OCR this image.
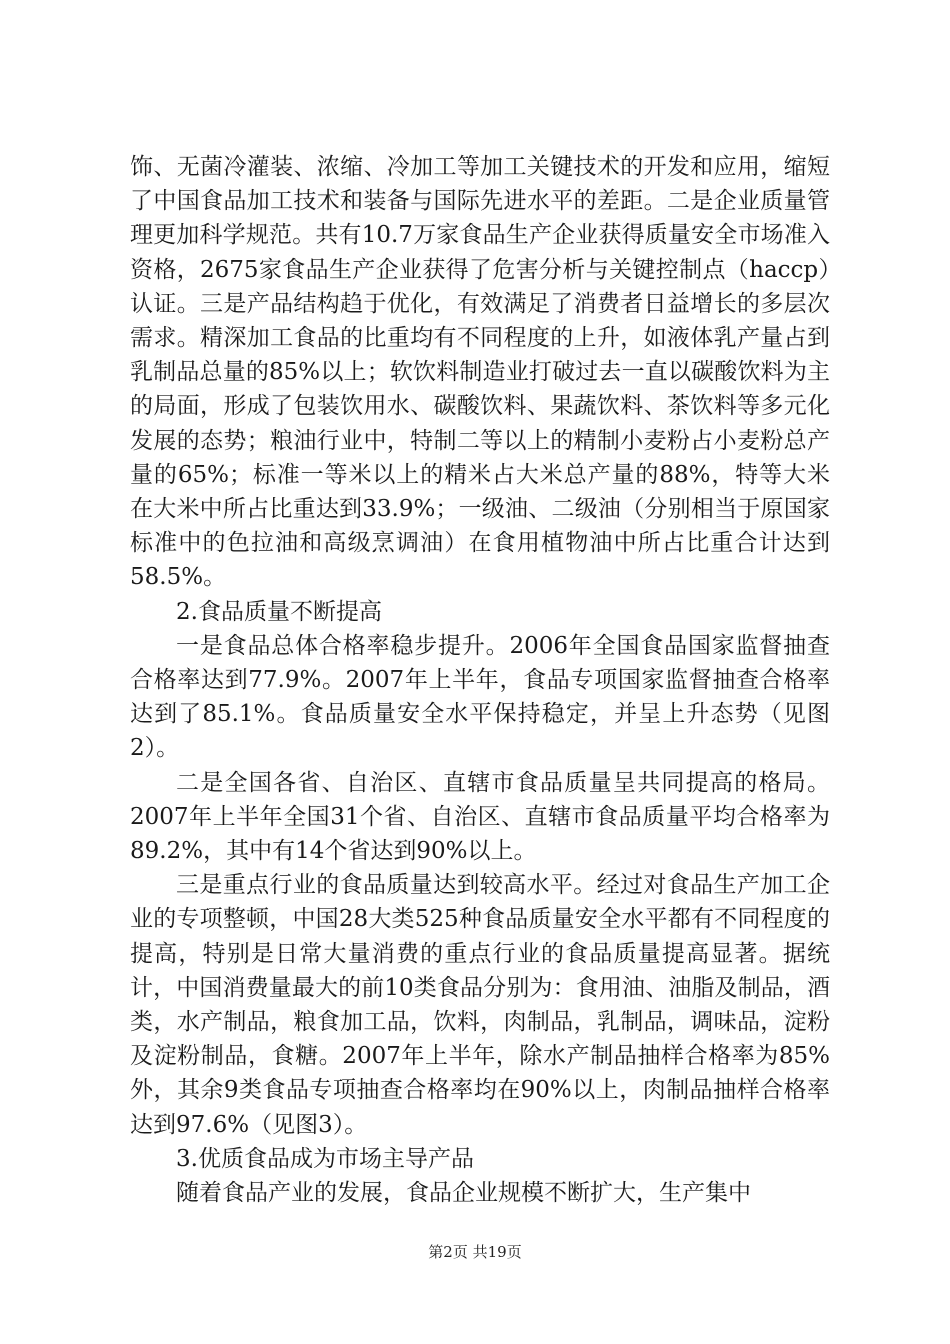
饰、无菌冷灌装、浓缩、冷加工等加工关键技术的开发和应用，缩短了中国食品加工技术和装备与国际先进水平的差距。二是企业质量管理更加科学规范。共有10.7万家食品生产企业获得质量安全市场准入资格，2675家食品生产企业获得了危害分析与关键控制点（haccp）认证。三是产品结构趋于优化，有效满足了消费者日益增长的多层次需求。精深加工食品的比重均有不同程度的上升，如液体乳产量占到乳制品总量的85%以上；软饮料制造业打破过去一直以碳酸饮料为主的局面，形成了包装饮用水、碳酸饮料、果蔬饮料、茶饮料等多元化发展的态势；粮油行业中，特制二等以上的精制小麦粉占小麦粉总产量的65%；标准一等米以上的精米占大米总产量的88%，特等大米在大米中所占比重达到33.9%；一级油、二级油（分别相当于原国家标准中的色拉油和高级烹调油）在食用植物油中所占比重合计达到58.5%。

2.食品质量不断提高

一是食品总体合格率稳步提升。2006年全国食品国家监督抽查合格率达到77.9%。2007年上半年，食品专项国家监督抽查合格率达到了85.1%。食品质量安全水平保持稳定，并呈上升态势（见图2）。

二是全国各省、自治区、直辖市食品质量呈共同提高的格局。2007年上半年全国31个省、自治区、直辖市食品质量平均合格率为89.2%，其中有14个省达到90%以上。

三是重点行业的食品质量达到较高水平。经过对食品生产加工企业的专项整顿，中国28大类525种食品质量安全水平都有不同程度的提高，特别是日常大量消费的重点行业的食品质量提高显著。据统计，中国消费量最大的前10类食品分别为：食用油、油脂及制品，酒类，水产制品，粮食加工品，饮料，肉制品，乳制品，调味品，淀粉及淀粉制品，食糖。2007年上半年，除水产制品抽样合格率为85%外，其余9类食品专项抽查合格率均在90%以上，肉制品抽样合格率达到97.6%（见图3）。

3.优质食品成为市场主导产品

随着食品产业的发展，食品企业规模不断扩大，生产集中

第2页 共19页
